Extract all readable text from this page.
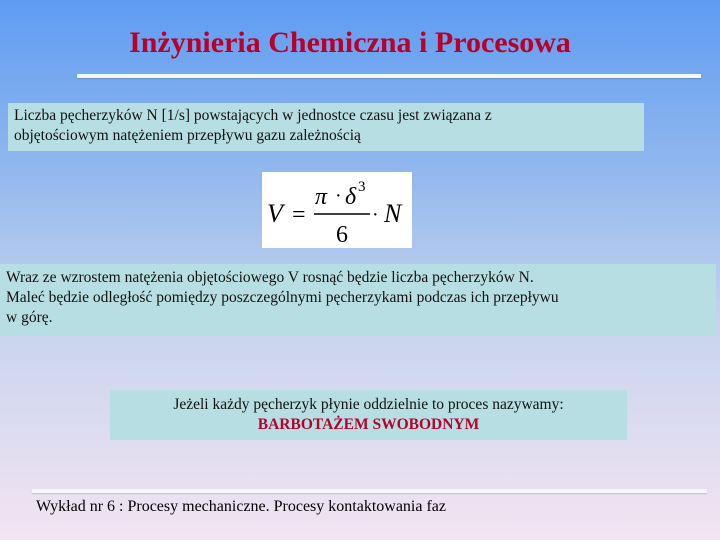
Inżynieria Chemiczna i Procesowa
Liczba pęcherzyków N [1/s] powstających w jednostce czasu jest związana z
objętościowym natężeniem przepływu gazu zależnością
V =
π · δ 3
6
· N
Wraz ze wzrostem natężenia objętościowego V rosnąć będzie liczba pęcherzyków N.
Maleć będzie odległość pomiędzy poszczególnymi pęcherzykami podczas ich przepływu
w górę.
Jeżeli każdy pęcherzyk płynie oddzielnie to proces nazywamy:
BARBOTAŻEM SWOBODNYM
Wykład nr 6 : Procesy mechaniczne. Procesy kontaktowania faz
